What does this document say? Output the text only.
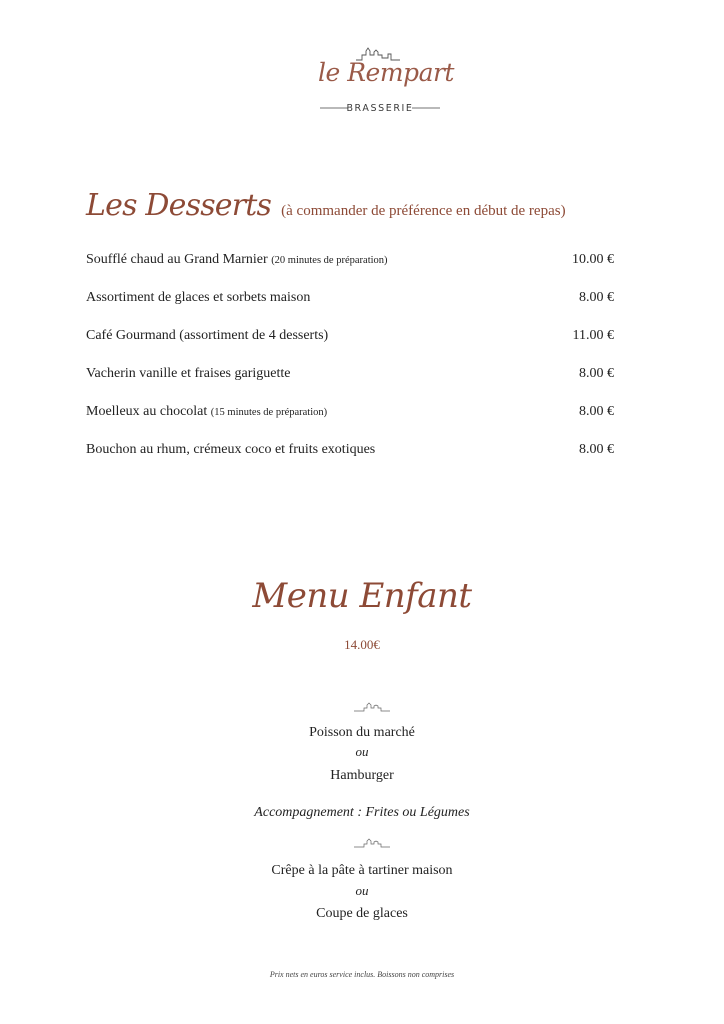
le Rempart
BRASSERIE
Les Desserts (à commander de préférence en début de repas)
Soufflé chaud au Grand Marnier (20 minutes de préparation)	10.00 €
Assortiment de glaces et sorbets maison	8.00 €
Café Gourmand (assortiment de 4 desserts)	11.00 €
Vacherin vanille et fraises gariguette	8.00 €
Moelleux au chocolat (15 minutes de préparation)	8.00 €
Bouchon au rhum, crémeux coco et fruits exotiques	8.00 €
Menu Enfant
14.00€
Poisson du marché
ou
Hamburger
Accompagnement : Frites ou Légumes
Crêpe à la pâte à tartiner maison
ou
Coupe de glaces
Prix nets en euros service inclus. Boissons non comprises
